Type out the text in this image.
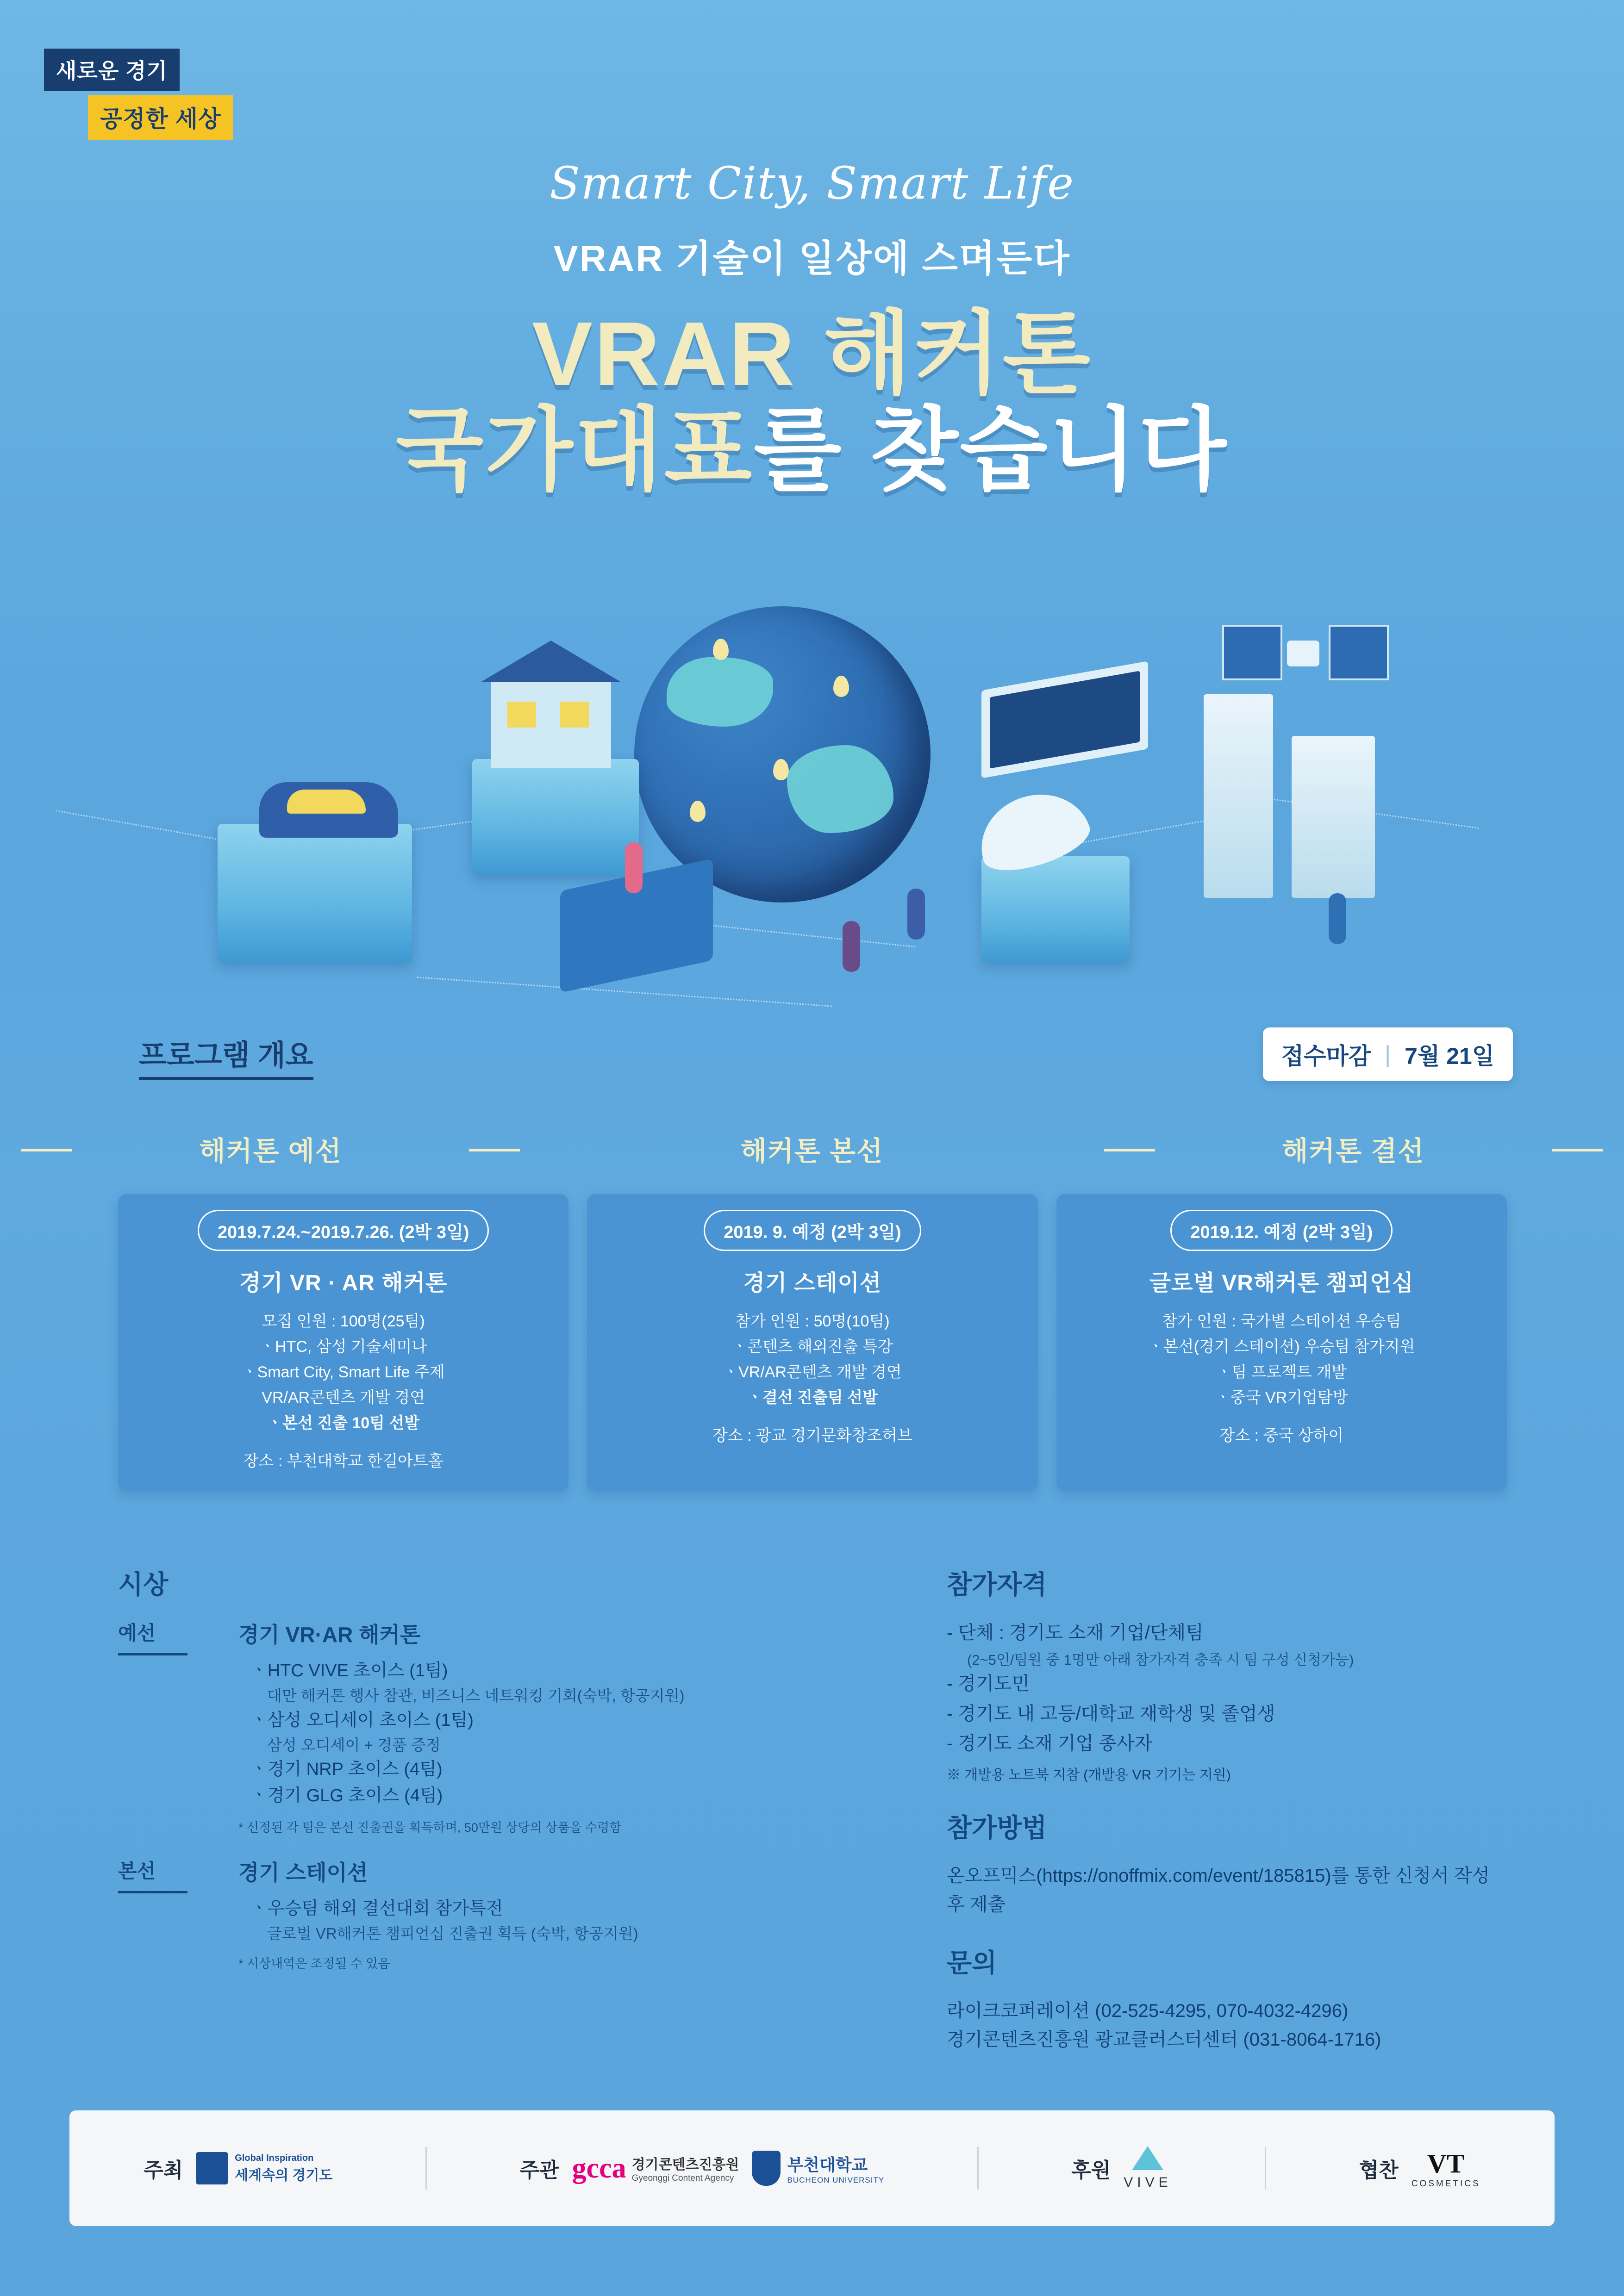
새로운 경기
공정한 세상
Smart City, Smart Life
VRAR 기술이 일상에 스며든다
VRAR 해커톤
국가대표를 찾습니다
프로그램 개요	접수마감 | 7월 21일
해커톤 예선	해커톤 본선	해커톤 결선
2019.7.24.~2019.7.26. (2박 3일)
경기 VR · AR 해커톤
모집 인원 : 100명(25팀)
ㆍHTC, 삼성 기술세미나
ㆍSmart City, Smart Life 주제
VR/AR콘텐츠 개발 경연
ㆍ본선 진출 10팀 선발
장소 : 부천대학교 한길아트홀
2019. 9. 예정 (2박 3일)
경기 스테이션
참가 인원 : 50명(10팀)
ㆍ콘텐츠 해외진출 특강
ㆍVR/AR콘텐츠 개발 경연
ㆍ결선 진출팀 선발
장소 : 광교 경기문화창조허브
2019.12. 예정 (2박 3일)
글로벌 VR해커톤 챔피언십
참가 인원 : 국가별 스테이션 우승팀
ㆍ본선(경기 스테이션) 우승팀 참가지원
ㆍ팀 프로젝트 개발
ㆍ중국 VR기업탐방
장소 : 중국 상하이
시상
예선	경기 VR·AR 해커톤
ㆍHTC VIVE 초이스 (1팀)
대만 해커톤 행사 참관, 비즈니스 네트워킹 기회(숙박, 항공지원)
ㆍ삼성 오디세이 초이스 (1팀)
삼성 오디세이 + 경품 증정
ㆍ경기 NRP 초이스 (4팀)
ㆍ경기 GLG 초이스 (4팀)
* 선정된 각 팀은 본선 진출권을 획득하며, 50만원 상당의 상품을 수령함
본선	경기 스테이션
ㆍ우승팀 해외 결선대회 참가특전
글로벌 VR해커톤 챔피언십 진출권 획득 (숙박, 항공지원)
* 시상내역은 조정될 수 있음
참가자격
- 단체 : 경기도 소재 기업/단체팀
(2~5인/팀원 중 1명만 아래 참가자격 충족 시 팀 구성 신청가능)
- 경기도민
- 경기도 내 고등/대학교 재학생 및 졸업생
- 경기도 소재 기업 종사자
※ 개발용 노트북 지참 (개발용 VR 기기는 지원)
참가방법
온오프믹스(https://onoffmix.com/event/185815)를 통한 신청서 작성 후 제출
문의
라이크코퍼레이션 (02-525-4295, 070-4032-4296)
경기콘텐츠진흥원 광교클러스터센터 (031-8064-1716)
주최
Global Inspiration
세계속의 경기도	주관 gcca 경기콘텐츠진흥원
Gyeonggi Content Agency
부천대학교
BUCHEON UNIVERSITY	후원
VIVE
협찬	VT
COSMETICS
